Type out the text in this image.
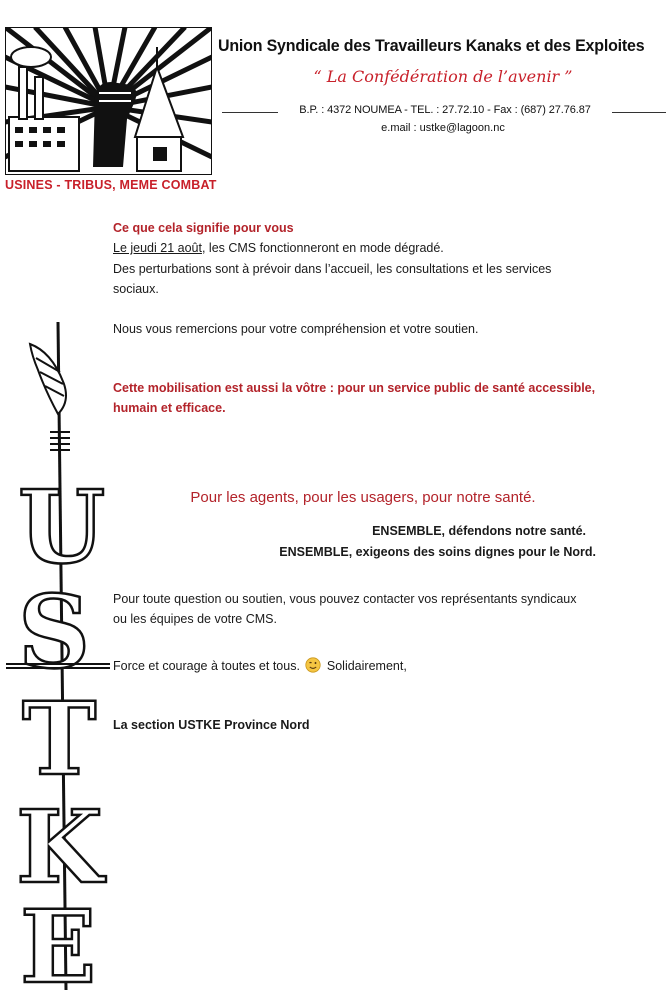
USINES - TRIBUS, MEME COMBAT
Union Syndicale des Travailleurs Kanaks et des Exploites
“ La Confédération de l’avenir ”
B.P. : 4372 NOUMEA - TEL. : 27.72.10 - Fax : (687) 27.76.87
e.mail : ustke@lagoon.nc
U
S
T
K
E
Ce que cela signifie pour vous
Le jeudi 21 août, les CMS fonctionneront en mode dégradé.
Des perturbations sont à prévoir dans l’accueil, les consultations et les services
sociaux.
Nous vous remercions pour votre compréhension et votre soutien.
Cette mobilisation est aussi la vôtre : pour un service public de santé accessible,
humain et efficace.
Pour les agents, pour les usagers, pour notre santé.
ENSEMBLE, défendons notre santé.
ENSEMBLE, exigeons des soins dignes pour le Nord.
Pour toute question ou soutien, vous pouvez contacter vos représentants syndicaux
ou les équipes de votre CMS.
Force et courage à toutes et tous. Solidairement,
La section USTKE Province Nord
